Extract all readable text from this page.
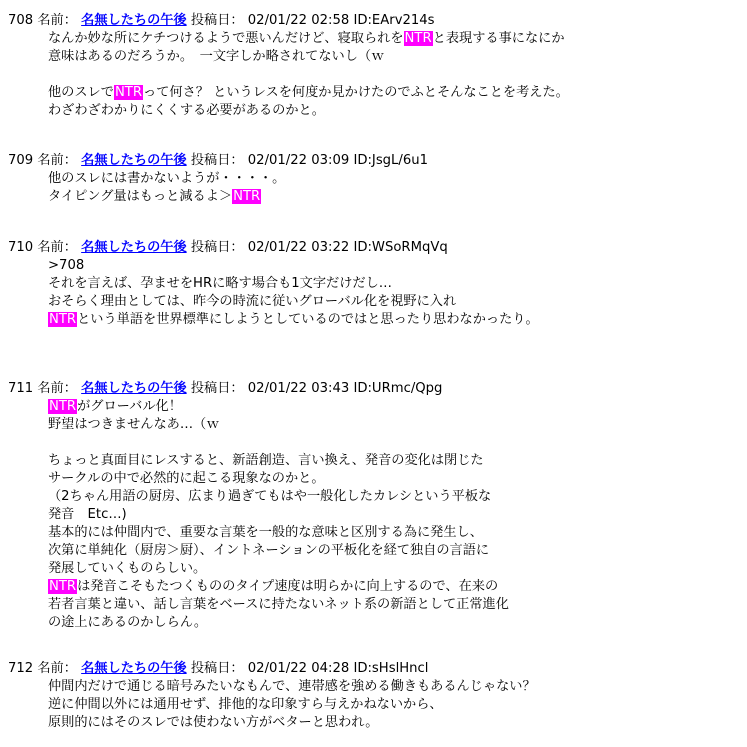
708 名前： 名無したちの午後 投稿日： 02/01/22 02:58 ID:EArv214s
なんか妙な所にケチつけるようで悪いんだけど、寝取られをNTRと表現する事になにか
意味はあるのだろうか。　一文字しか略されてないし（ｗ
他のスレでNTRって何さ？ というレスを何度か見かけたのでふとそんなことを考えた。
わざわざわかりにくくする必要があるのかと。
709 名前： 名無したちの午後 投稿日： 02/01/22 03:09 ID:JsgL/6u1
他のスレには書かないようが・・・・。
タイピング量はもっと減るよ＞NTR
710 名前： 名無したちの午後 投稿日： 02/01/22 03:22 ID:WSoRMqVq
>708
それを言えば、孕ませをHRに略す場合も1文字だけだし…
おそらく理由としては、昨今の時流に従いグローバル化を視野に入れ
NTRという単語を世界標準にしようとしているのではと思ったり思わなかったり。
711 名前： 名無したちの午後 投稿日： 02/01/22 03:43 ID:URmc/Qpg
NTRがグローバル化！
野望はつきませんなあ…（ｗ
ちょっと真面目にレスすると、新語創造、言い換え、発音の変化は閉じた
サークルの中で必然的に起こる現象なのかと。
（2ちゃん用語の厨房、広まり過ぎてもはや一般化したカレシという平板な
発音　Etc…)
基本的には仲間内で、重要な言葉を一般的な意味と区別する為に発生し、
次第に単純化（厨房＞厨）、イントネーションの平板化を経て独自の言語に
発展していくものらしい。
NTRは発音こそもたつくもののタイプ速度は明らかに向上するので、在来の
若者言葉と違い、話し言葉をベースに持たないネット系の新語として正常進化
の途上にあるのかしらん。
712 名前： 名無したちの午後 投稿日： 02/01/22 04:28 ID:sHslHncl
仲間内だけで通じる暗号みたいなもんで、連帯感を強める働きもあるんじゃない？
逆に仲間以外には通用せず、排他的な印象すら与えかねないから、
原則的にはそのスレでは使わない方がベターと思われ。
